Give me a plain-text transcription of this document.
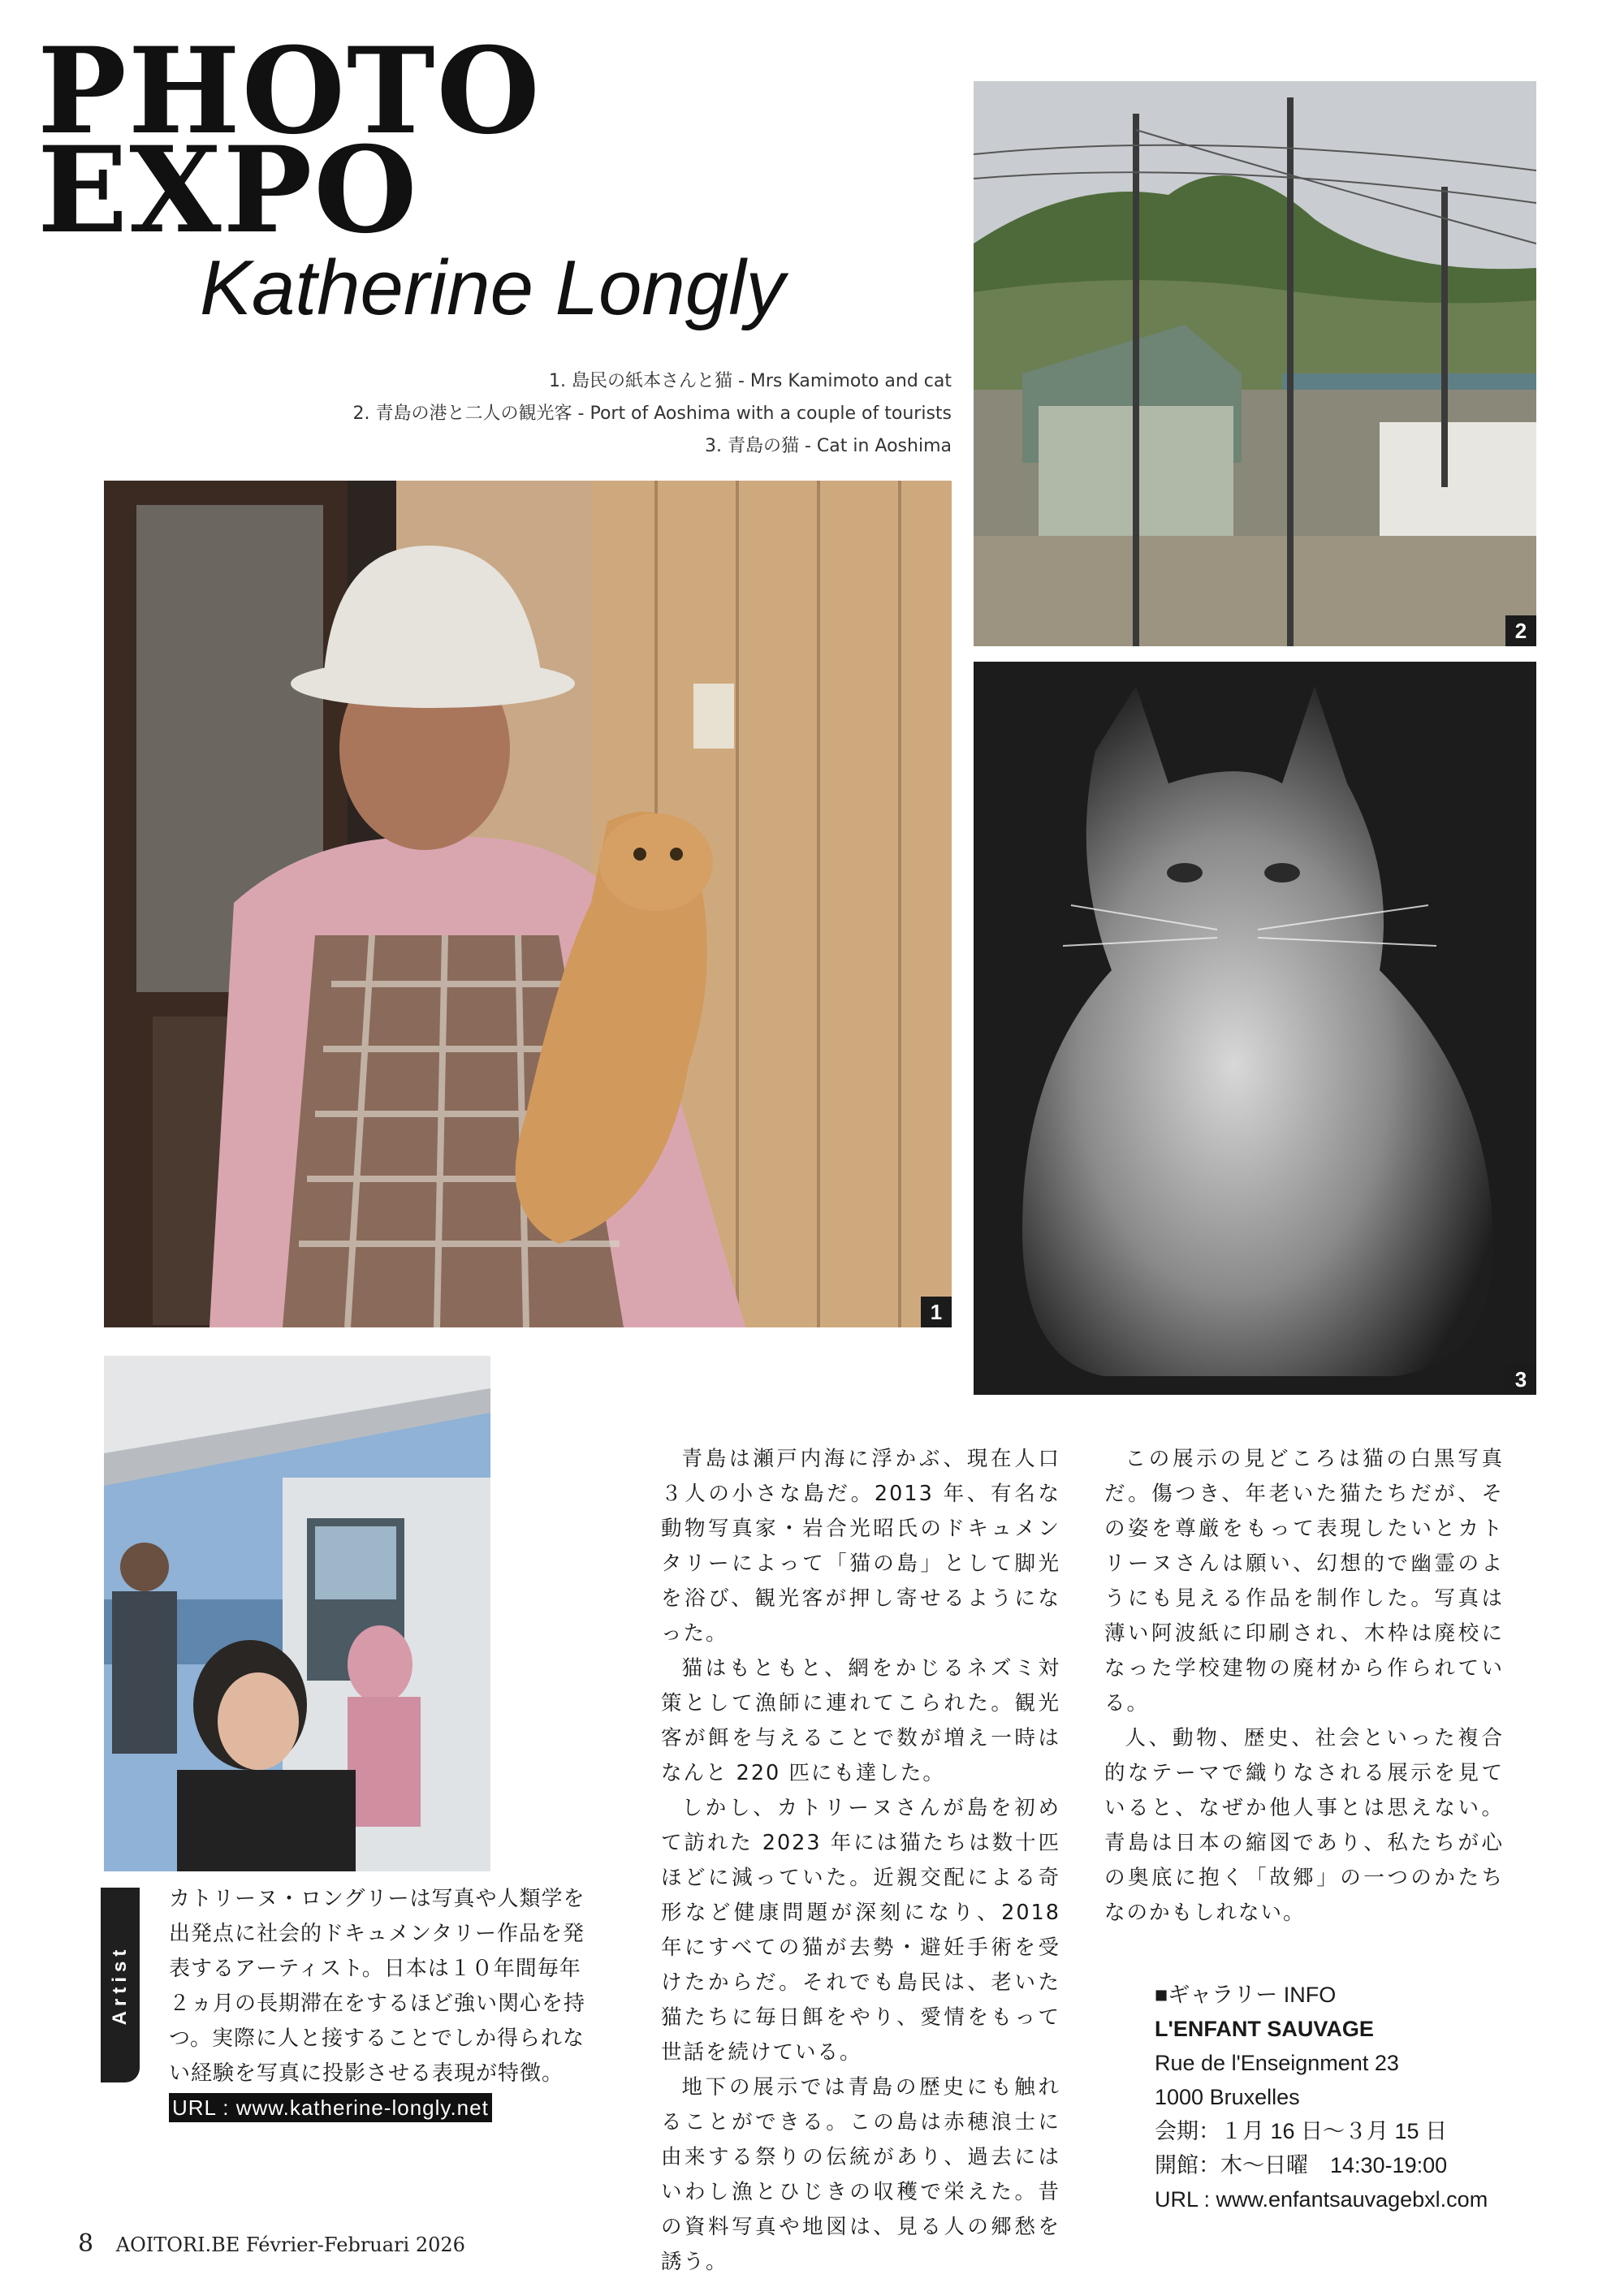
PHOTO
EXPO
Katherine Longly
1. 島民の紙本さんと猫 - Mrs Kamimoto and cat
2. 青島の港と二人の観光客 - Port of Aoshima with a couple of tourists
3. 青島の猫 - Cat in Aoshima
1
2
3
Artist
カトリーヌ・ロングリーは写真や人類学を出発点に社会的ドキュメンタリー作品を発表するアーティスト。日本は１０年間毎年２ヵ月の長期滞在をするほど強い関心を持つ。実際に人と接することでしか得られない経験を写真に投影させる表現が特徴。
URL : www.katherine-longly.net

青島は瀬戸内海に浮かぶ、現在人口３人の小さな島だ。2013 年、有名な動物写真家・岩合光昭氏のドキュメンタリーによって「猫の島」として脚光を浴び、観光客が押し寄せるようになった。

猫はもともと、網をかじるネズミ対策として漁師に連れてこられた。観光客が餌を与えることで数が増え一時はなんと 220 匹にも達した。

しかし、カトリーヌさんが島を初めて訪れた 2023 年には猫たちは数十匹ほどに減っていた。近親交配による奇形など健康問題が深刻になり、2018 年にすべての猫が去勢・避妊手術を受けたからだ。それでも島民は、老いた猫たちに毎日餌をやり、愛情をもって世話を続けている。

地下の展示では青島の歴史にも触れることができる。この島は赤穂浪士に由来する祭りの伝統があり、過去にはいわし漁とひじきの収穫で栄えた。昔の資料写真や地図は、見る人の郷愁を誘う。

この展示の見どころは猫の白黒写真だ。傷つき、年老いた猫たちだが、その姿を尊厳をもって表現したいとカトリーヌさんは願い、幻想的で幽霊のようにも見える作品を制作した。写真は薄い阿波紙に印刷され、木枠は廃校になった学校建物の廃材から作られている。

人、動物、歴史、社会といった複合的なテーマで織りなされる展示を見ていると、なぜか他人事とは思えない。青島は日本の縮図であり、私たちが心の奥底に抱く「故郷」の一つのかたちなのかもしれない。

■ギャラリー INFO
L'ENFANT SAUVAGE
Rue de l'Enseignment 23
1000 Bruxelles
会期：１月 16 日〜３月 15 日
開館：木〜日曜　14:30-19:00
URL : www.enfantsauvagebxl.com
8 AOITORI.BE Février-Februari 2026
